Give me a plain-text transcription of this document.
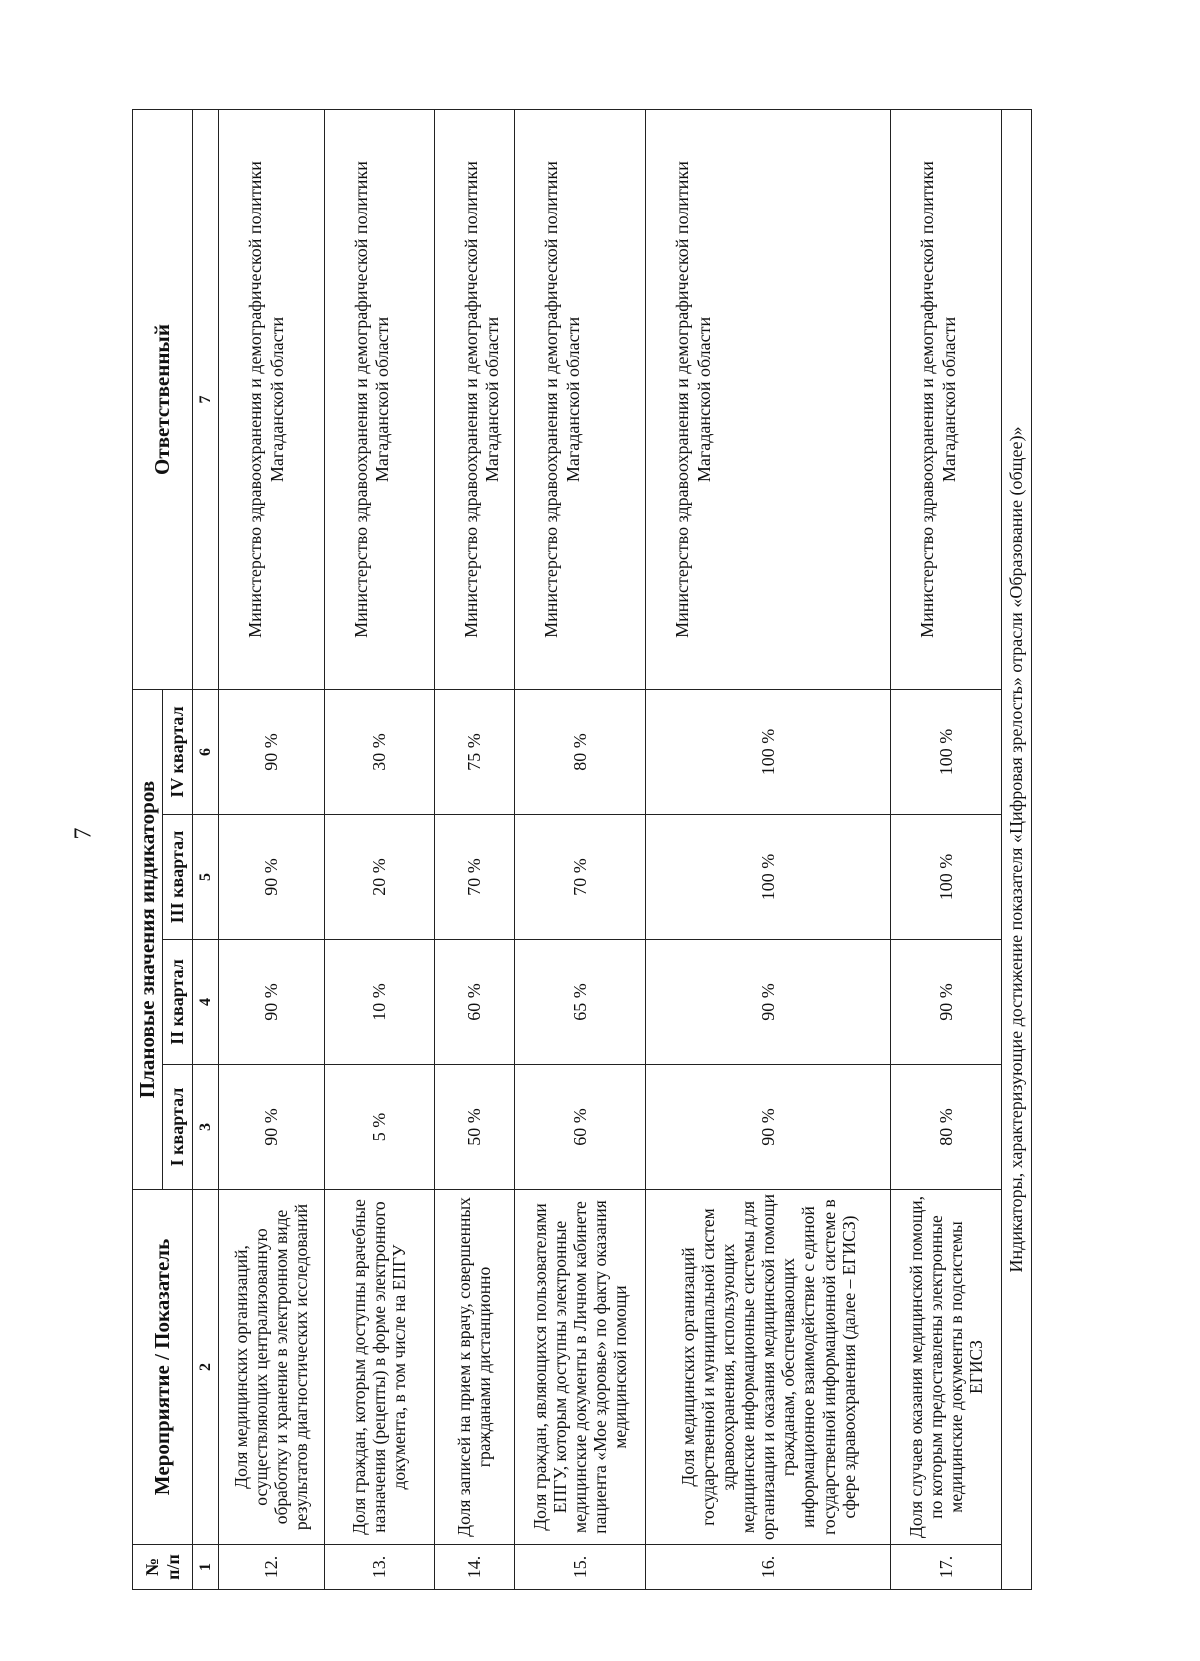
7
№
п/п	Мероприятие / Показатель	Плановые значения индикаторов				Ответственный
		I квартал	II квартал	III квартал	IV квартал	
1	2	3	4	5	6	7
12.	Доля медицинских организаций, осуществляющих централизованную обработку и хранение в электронном виде результатов диагностических исследований	90 %	90 %	90 %	90 %	Министерство здравоохранения и демографической политики Магаданской области
13.	Доля граждан, которым доступны врачебные назначения (рецепты) в форме электронного документа, в том числе на ЕПГУ	5 %	10 %	20 %	30 %	Министерство здравоохранения и демографической политики Магаданской области
14.	Доля записей на прием к врачу, совершенных гражданами дистанционно	50 %	60 %	70 %	75 %	Министерство здравоохранения и демографической политики Магаданской области
15.	Доля граждан, являющихся пользователями ЕПГУ, которым доступны электронные медицинские документы в Личном кабинете пациента «Мое здоровье» по факту оказания медицинской помощи	60 %	65 %	70 %	80 %	Министерство здравоохранения и демографической политики Магаданской области
16.	Доля медицинских организаций государственной и муниципальной систем здравоохранения, использующих медицинские информационные системы для организации и оказания медицинской помощи гражданам, обеспечивающих информационное взаимодействие с единой государственной информационной системе в сфере здравоохранения (далее – ЕГИСЗ)	90 %	90 %	100 %	100 %	Министерство здравоохранения и демографической политики Магаданской области
17.	Доля случаев оказания медицинской помощи, по которым предоставлены электронные медицинские документы в подсистемы ЕГИСЗ	80 %	90 %	100 %	100 %	Министерство здравоохранения и демографической политики Магаданской области
Индикаторы, характеризующие достижение показателя «Цифровая зрелость» отрасли «Образование (общее)»						
